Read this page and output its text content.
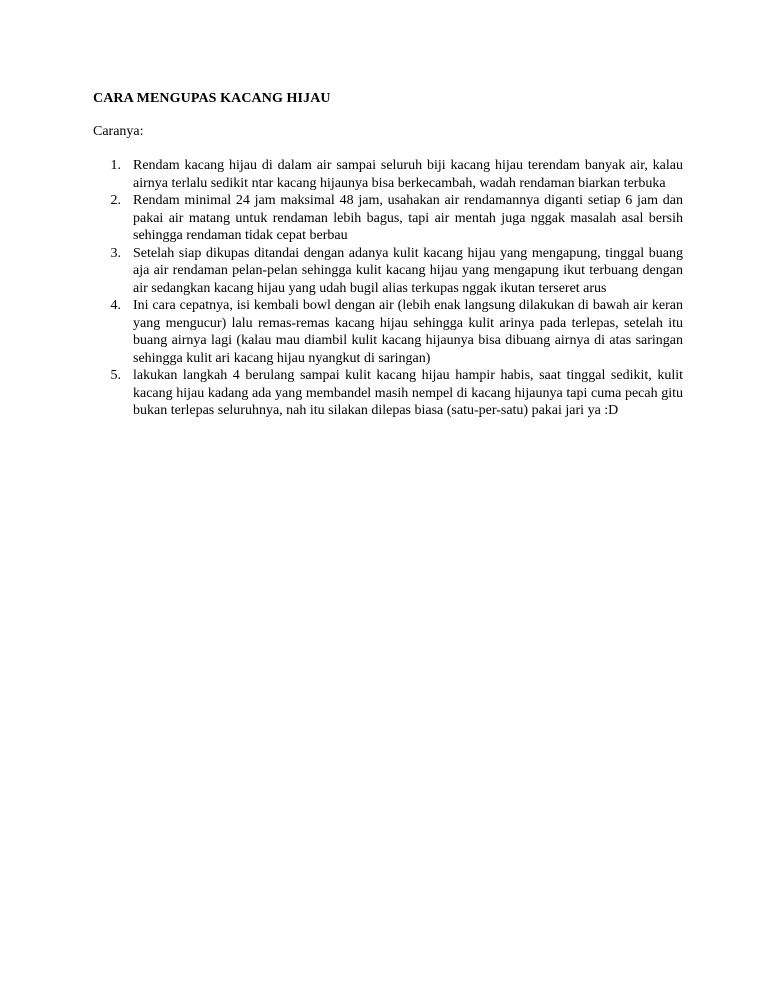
CARA MENGUPAS KACANG HIJAU
Caranya:
1. Rendam kacang hijau di dalam air sampai seluruh biji kacang hijau terendam banyak air, kalau airnya terlalu sedikit ntar kacang hijaunya bisa berkecambah, wadah rendaman biarkan terbuka
2. Rendam minimal 24 jam maksimal 48 jam, usahakan air rendamannya diganti setiap 6 jam dan pakai air matang untuk rendaman lebih bagus, tapi air mentah juga nggak masalah asal bersih sehingga rendaman tidak cepat berbau
3. Setelah siap dikupas ditandai dengan adanya kulit kacang hijau yang mengapung, tinggal buang aja air rendaman pelan-pelan sehingga kulit kacang hijau yang mengapung ikut terbuang dengan air sedangkan kacang hijau yang udah bugil alias terkupas nggak ikutan terseret arus
4. Ini cara cepatnya, isi kembali bowl dengan air (lebih enak langsung dilakukan di bawah air keran yang mengucur) lalu remas-remas kacang hijau sehingga kulit arinya pada terlepas, setelah itu buang airnya lagi (kalau mau diambil kulit kacang hijaunya bisa dibuang airnya di atas saringan sehingga kulit ari kacang hijau nyangkut di saringan)
5. lakukan langkah 4 berulang sampai kulit kacang hijau hampir habis, saat tinggal sedikit, kulit kacang hijau kadang ada yang membandel masih nempel di kacang hijaunya tapi cuma pecah gitu bukan terlepas seluruhnya, nah itu silakan dilepas biasa (satu-per-satu) pakai jari ya :D
